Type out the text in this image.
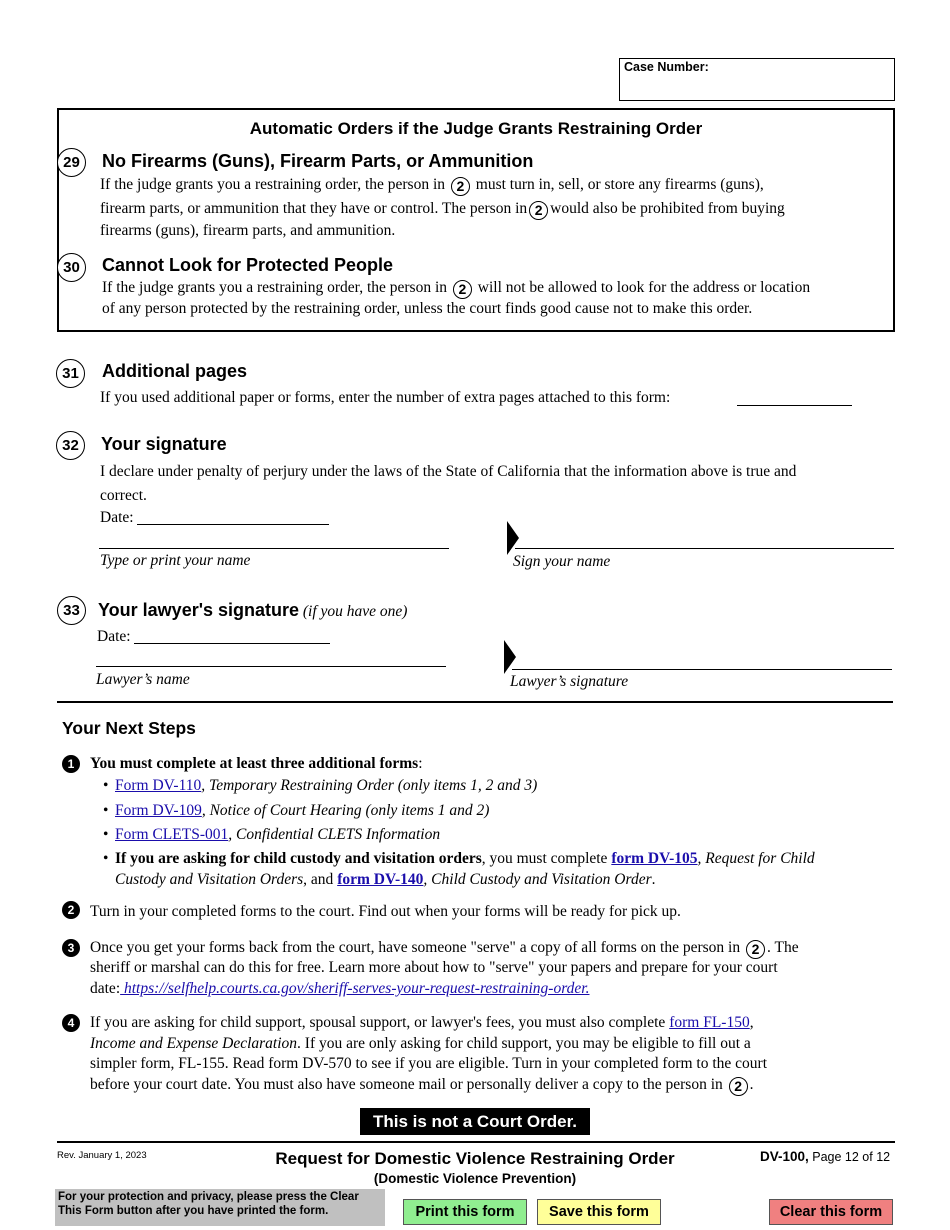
Case Number:
Automatic Orders if the Judge Grants Restraining Order
29	No Firearms (Guns), Firearm Parts, or Ammunition
If the judge grants you a restraining order, the person in 2 must turn in, sell, or store any firearms (guns),
firearm parts, or ammunition that they have or control. The person in 2 would also be prohibited from buying
firearms (guns), firearm parts, and ammunition.
30	Cannot Look for Protected People
If the judge grants you a restraining order, the person in 2 will not be allowed to look for the address or location
of any person protected by the restraining order, unless the court finds good cause not to make this order.
31	Additional pages
If you used additional paper or forms, enter the number of extra pages attached to this form:
32	Your signature
I declare under penalty of perjury under the laws of the State of California that the information above is true and
correct.
Date:
Type or print your name	Sign your name
33	Your lawyer's signature (if you have one)
Date:
Lawyer’s name	Lawyer’s signature
Your Next Steps
1	You must complete at least three additional forms:
• Form DV-110, Temporary Restraining Order (only items 1, 2 and 3)
• Form DV-109, Notice of Court Hearing (only items 1 and 2)
• Form CLETS-001, Confidential CLETS Information
• If you are asking for child custody and visitation orders, you must complete form DV-105, Request for Child
Custody and Visitation Orders, and form DV-140, Child Custody and Visitation Order.
2	Turn in your completed forms to the court. Find out when your forms will be ready for pick up.
3	Once you get your forms back from the court, have someone "serve" a copy of all forms on the person in 2 . The
sheriff or marshal can do this for free. Learn more about how to "serve" your papers and prepare for your court
date: https://selfhelp.courts.ca.gov/sheriff-serves-your-request-restraining-order.
4	If you are asking for child support, spousal support, or lawyer's fees, you must also complete form FL-150,
Income and Expense Declaration. If you are only asking for child support, you may be eligible to fill out a
simpler form, FL-155. Read form DV-570 to see if you are eligible. Turn in your completed form to the court
before your court date. You must also have someone mail or personally deliver a copy to the person in 2 .
This is not a Court Order.
Rev. January 1, 2023	Request for Domestic Violence Restraining Order
(Domestic Violence Prevention)
DV-100, Page 12 of 12
For your protection and privacy, please press the Clear This Form button after you have printed the form.	Print this form	Save this form	Clear this form
